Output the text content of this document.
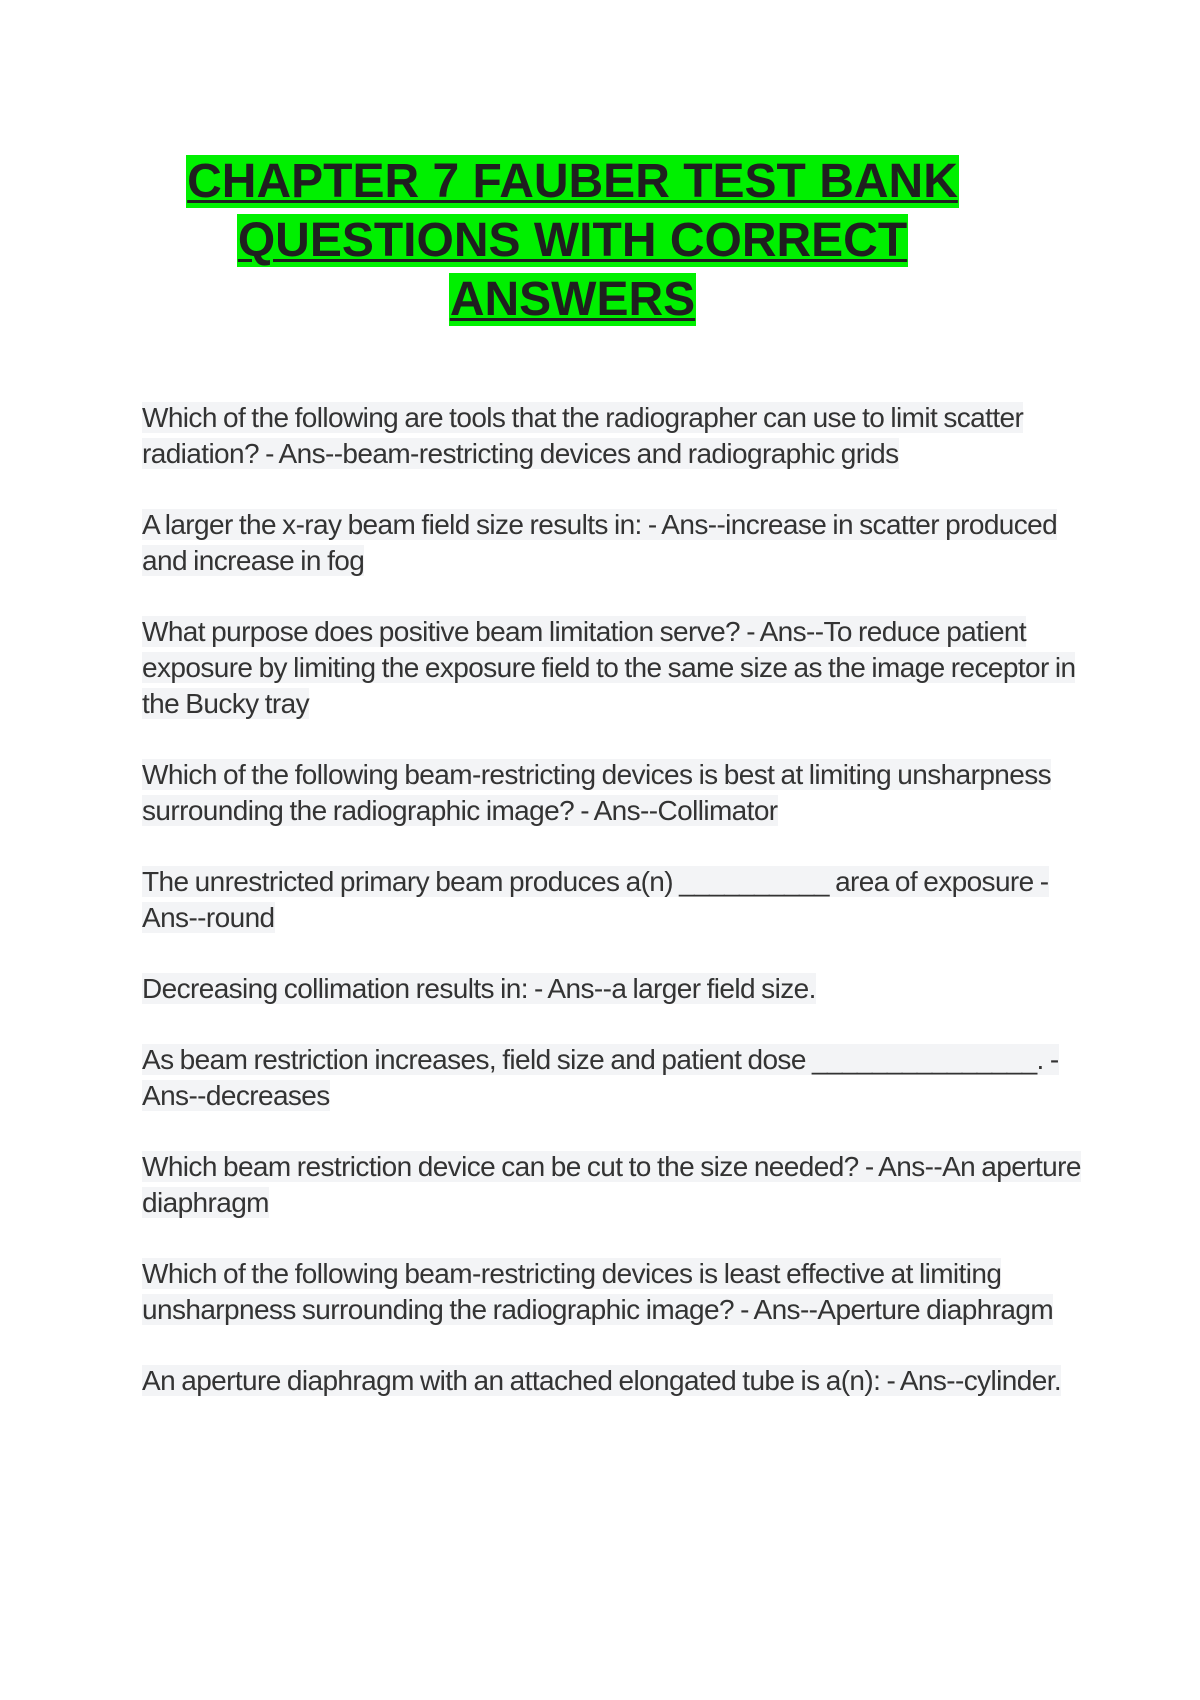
CHAPTER 7 FAUBER TEST BANK
QUESTIONS WITH CORRECT
ANSWERS

Which of the following are tools that the radiographer can use to limit scatter radiation? - Ans--beam-restricting devices and radiographic grids

A larger the x-ray beam field size results in: - Ans--increase in scatter produced and increase in fog

What purpose does positive beam limitation serve? - Ans--To reduce patient exposure by limiting the exposure field to the same size as the image receptor in the Bucky tray

Which of the following beam-restricting devices is best at limiting unsharpness surrounding the radiographic image? - Ans--Collimator

The unrestricted primary beam produces a(n) __________ area of exposure - Ans--round

Decreasing collimation results in: - Ans--a larger field size.

As beam restriction increases, field size and patient dose _______________. - Ans--decreases

Which beam restriction device can be cut to the size needed? - Ans--An aperture diaphragm

Which of the following beam-restricting devices is least effective at limiting unsharpness surrounding the radiographic image? - Ans--Aperture diaphragm

An aperture diaphragm with an attached elongated tube is a(n): - Ans--cylinder.
